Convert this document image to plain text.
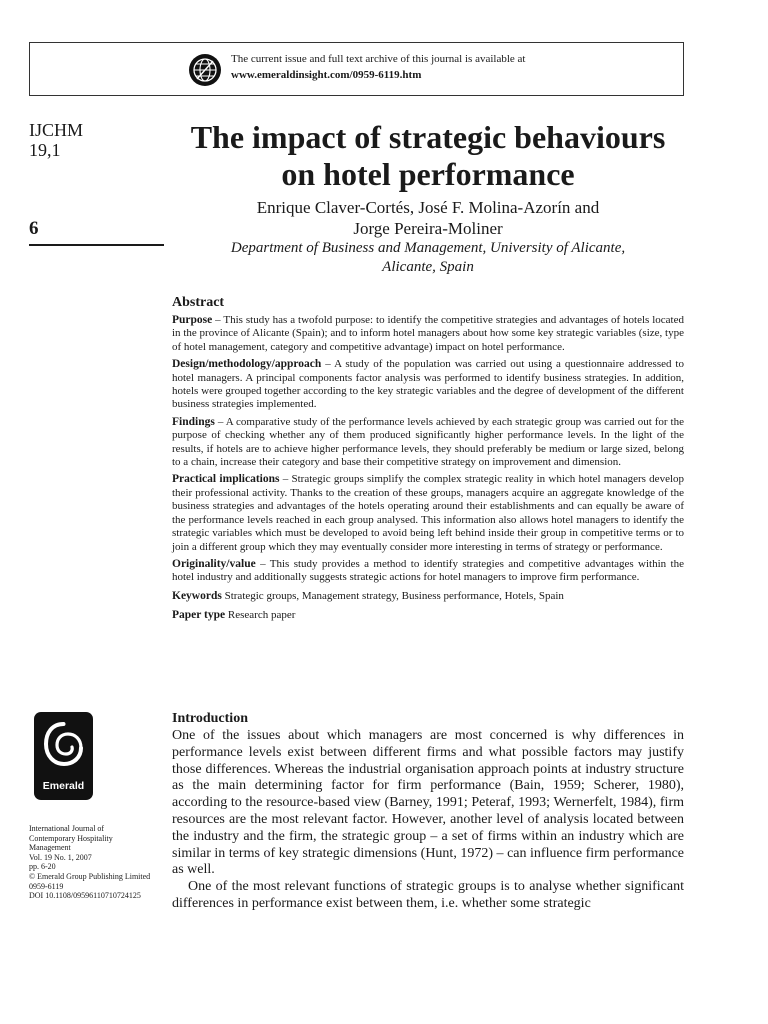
The current issue and full text archive of this journal is available at
www.emeraldinsight.com/0959-6119.htm
IJCHM
19,1
6
The impact of strategic behaviours on hotel performance
Enrique Claver-Cortés, José F. Molina-Azorín and
Jorge Pereira-Moliner
Department of Business and Management, University of Alicante,
Alicante, Spain
Abstract

Purpose – This study has a twofold purpose: to identify the competitive strategies and advantages of hotels located in the province of Alicante (Spain); and to inform hotel managers about how some key strategic variables (size, type of hotel management, category and competitive advantage) impact on hotel performance.

Design/methodology/approach – A study of the population was carried out using a questionnaire addressed to hotel managers. A principal components factor analysis was performed to identify business strategies. In addition, hotels were grouped together according to the key strategic variables and the degree of development of the different business strategies implemented.

Findings – A comparative study of the performance levels achieved by each strategic group was carried out for the purpose of checking whether any of them produced significantly higher performance levels. In the light of the results, if hotels are to achieve higher performance levels, they should preferably be medium or large sized, belong to a chain, increase their category and base their competitive strategy on improvement and dimension.

Practical implications – Strategic groups simplify the complex strategic reality in which hotel managers develop their professional activity. Thanks to the creation of these groups, managers acquire an aggregate knowledge of the business strategies and advantages of the hotels operating around their establishments and can equally be aware of the performance levels reached in each group analysed. This information also allows hotel managers to identify the strategic variables which must be developed to avoid being left behind inside their group in competitive terms or to join a different group which they may eventually consider more interesting in terms of strategy or performance.

Originality/value – This study provides a method to identify strategies and competitive advantages within the hotel industry and additionally suggests strategic actions for hotel managers to improve firm performance.

Keywords Strategic groups, Management strategy, Business performance, Hotels, Spain
Paper type Research paper
Introduction

One of the issues about which managers are most concerned is why differences in performance levels exist between different firms and what possible factors may justify those differences. Whereas the industrial organisation approach points at industry structure as the main determining factor for firm performance (Bain, 1959; Scherer, 1980), according to the resource-based view (Barney, 1991; Peteraf, 1993; Wernerfelt, 1984), firm resources are the most relevant factor. However, another level of analysis located between the industry and the firm, the strategic group – a set of firms within an industry which are similar in terms of key strategic dimensions (Hunt, 1972) – can influence firm performance as well.

One of the most relevant functions of strategic groups is to analyse whether significant differences in performance exist between them, i.e. whether some strategic

Emerald
International Journal of
Contemporary Hospitality
Management
Vol. 19 No. 1, 2007
pp. 6-20
© Emerald Group Publishing Limited
0959-6119
DOI 10.1108/09596110710724125
